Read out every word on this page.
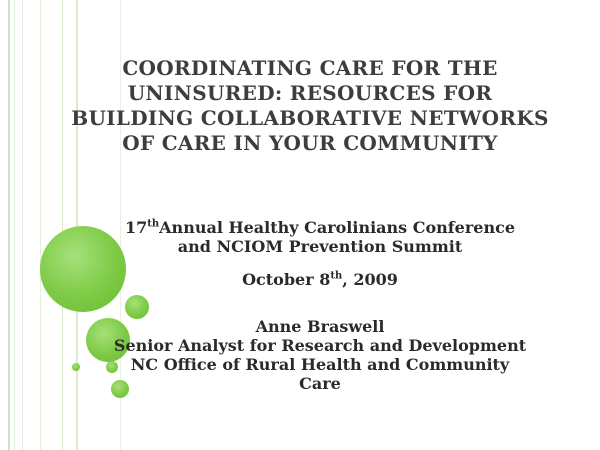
COORDINATING CARE FOR THE
UNINSURED: RESOURCES FOR
BUILDING COLLABORATIVE NETWORKS
OF CARE IN YOUR COMMUNITY

17thAnnual Healthy Carolinians Conference
and NCIOM Prevention Summit

October 8th, 2009

Anne Braswell
Senior Analyst for Research and Development
NC Office of Rural Health and Community
Care
